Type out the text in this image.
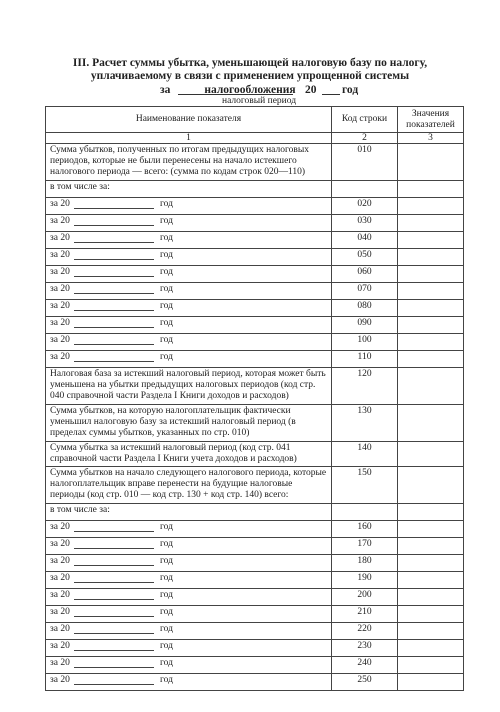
III. Расчет суммы убытка, уменьшающей налоговую базу по налогу,
уплачиваемому в связи с применением упрощенной системы налогообложения
за	20 год
налоговый период
Наименование показателя	Код строки	Значения показателей
1	2	3
Сумма убытков, полученных по итогам предыдущих налоговых периодов, которые не были перенесены на начало истекшего налогового периода — всего: (сумма по кодам строк 020—110)	010	
в том числе за:		

за 20 год	020	

за 20 год	030	

за 20 год	040	

за 20 год	050	

за 20 год	060	

за 20 год	070	

за 20 год	080	

за 20 год	090	

за 20 год	100	

за 20 год	110	
Налоговая база за истекший налоговый период, которая может быть уменьшена на убытки предыдущих налоговых периодов (код стр. 040 справочной части Раздела I Книги доходов и расходов)	120	
Сумма убытков, на которую налогоплательщик фактически уменьшил налоговую базу за истекший налоговый период (в пределах суммы убытков, указанных по стр. 010)	130	
Сумма убытка за истекший налоговый период (код стр. 041 справочной части Раздела I Книги учета доходов и расходов)	140	
Сумма убытков на начало следующего налогового периода, которые налогоплательщик вправе перенести на будущие налоговые периоды (код стр. 010 — код стр. 130 + код стр. 140) всего:	150	
в том числе за:		

за 20 год	160	

за 20 год	170	

за 20 год	180	

за 20 год	190	

за 20 год	200	

за 20 год	210	

за 20 год	220	

за 20 год	230	

за 20 год	240	

за 20 год	250	
